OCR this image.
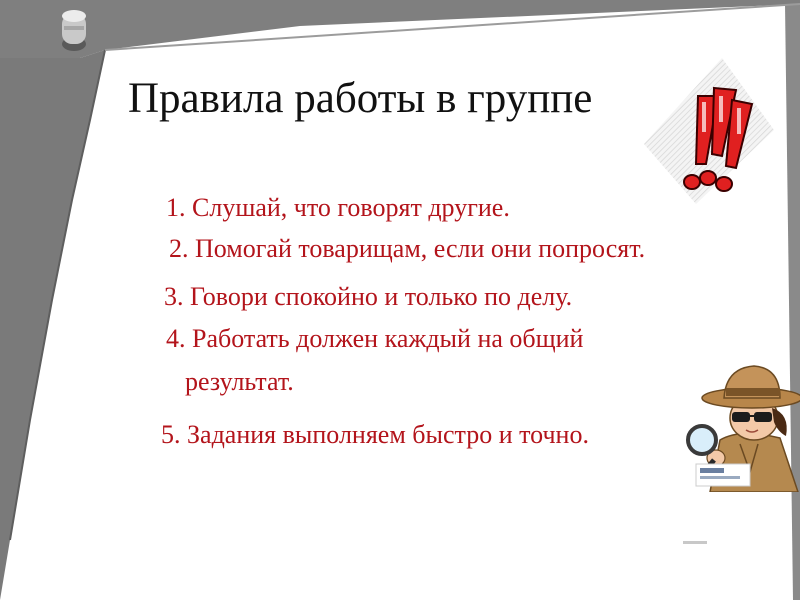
Правила работы в группе
1. Слушай, что говорят другие.
2. Помогай товарищам, если они попросят.
3. Говори спокойно и только по делу.
4. Работать должен каждый на общий
результат.
5. Задания выполняем быстро и точно.
